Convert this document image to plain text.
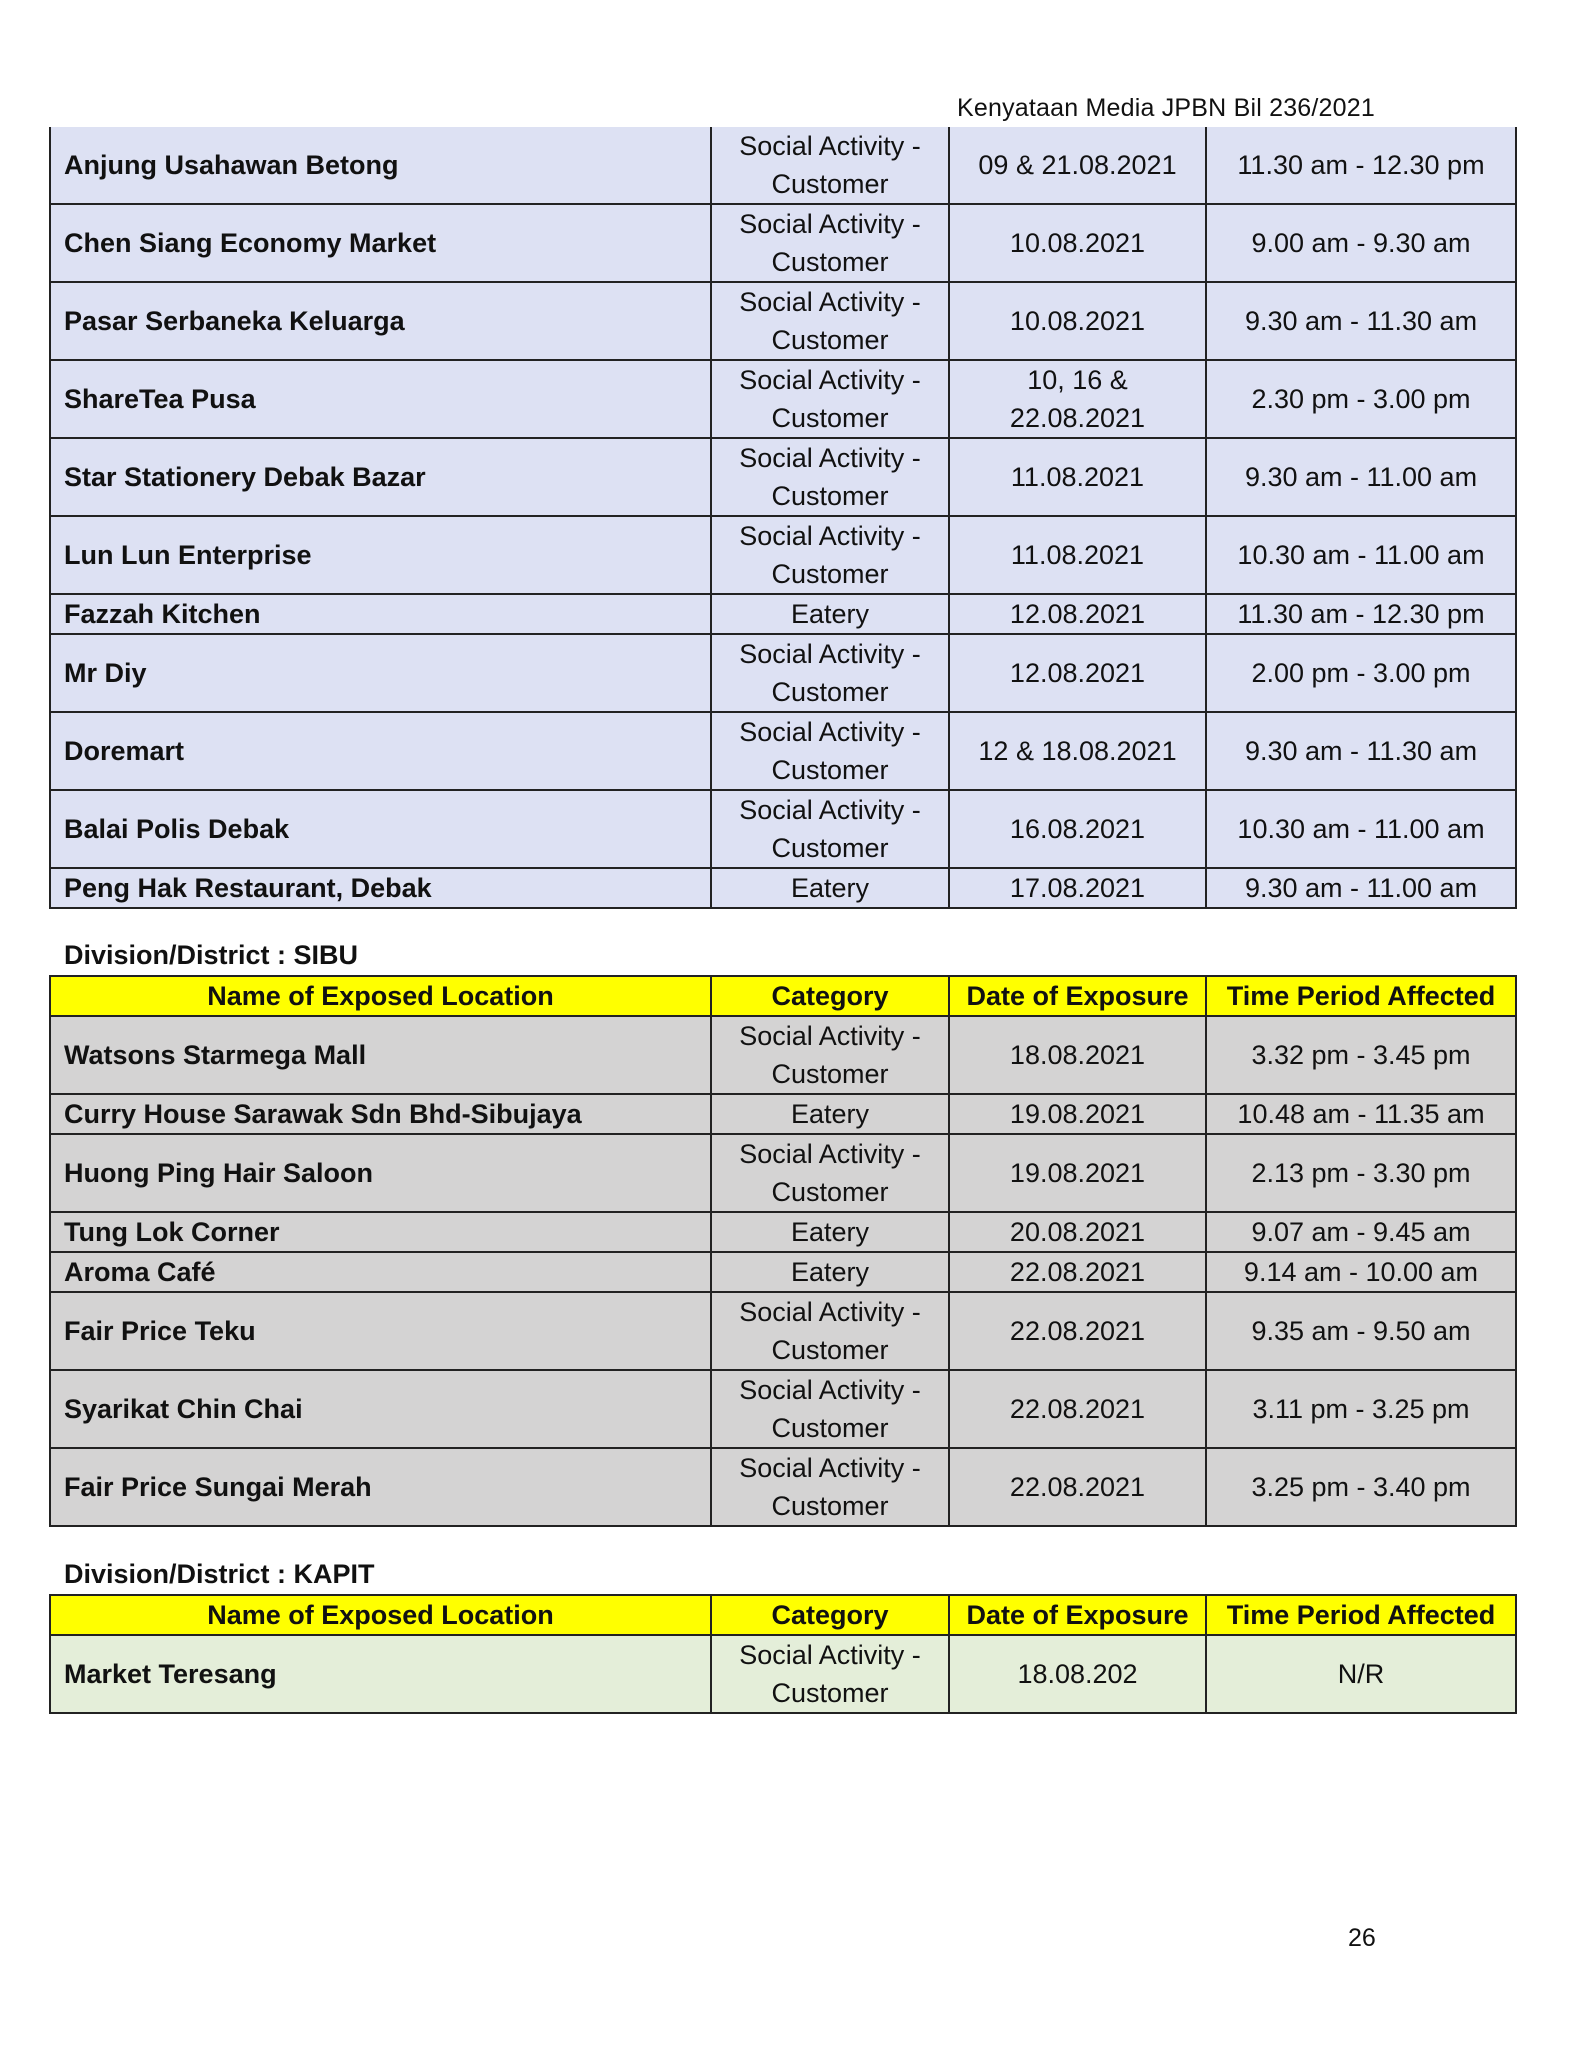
Kenyataan Media JPBN Bil 236/2021
Anjung Usahawan Betong	Social Activity - Customer	09 & 21.08.2021	11.30 am - 12.30 pm
Chen Siang Economy Market	Social Activity - Customer	10.08.2021	9.00 am - 9.30 am
Pasar Serbaneka Keluarga	Social Activity - Customer	10.08.2021	9.30 am - 11.30 am
ShareTea Pusa	Social Activity - Customer	10, 16 & 22.08.2021	2.30 pm - 3.00 pm
Star Stationery Debak Bazar	Social Activity - Customer	11.08.2021	9.30 am - 11.00 am
Lun Lun Enterprise	Social Activity - Customer	11.08.2021	10.30 am - 11.00 am
Fazzah Kitchen	Eatery	12.08.2021	11.30 am - 12.30 pm
Mr Diy	Social Activity - Customer	12.08.2021	2.00 pm - 3.00 pm
Doremart	Social Activity - Customer	12 & 18.08.2021	9.30 am - 11.30 am
Balai Polis Debak	Social Activity - Customer	16.08.2021	10.30 am - 11.00 am
Peng Hak Restaurant, Debak	Eatery	17.08.2021	9.30 am - 11.00 am
Division/District : SIBU
Name of Exposed Location	Category	Date of Exposure	Time Period Affected
Watsons Starmega Mall	Social Activity - Customer	18.08.2021	3.32 pm - 3.45 pm
Curry House Sarawak Sdn Bhd-Sibujaya	Eatery	19.08.2021	10.48 am - 11.35 am
Huong Ping Hair Saloon	Social Activity - Customer	19.08.2021	2.13 pm - 3.30 pm
Tung Lok Corner	Eatery	20.08.2021	9.07 am - 9.45 am
Aroma Café	Eatery	22.08.2021	9.14 am - 10.00 am
Fair Price Teku	Social Activity - Customer	22.08.2021	9.35 am - 9.50 am
Syarikat Chin Chai	Social Activity - Customer	22.08.2021	3.11 pm - 3.25 pm
Fair Price Sungai Merah	Social Activity - Customer	22.08.2021	3.25 pm - 3.40 pm
Division/District : KAPIT
Name of Exposed Location	Category	Date of Exposure	Time Period Affected
Market Teresang	Social Activity - Customer	18.08.202	N/R
26
